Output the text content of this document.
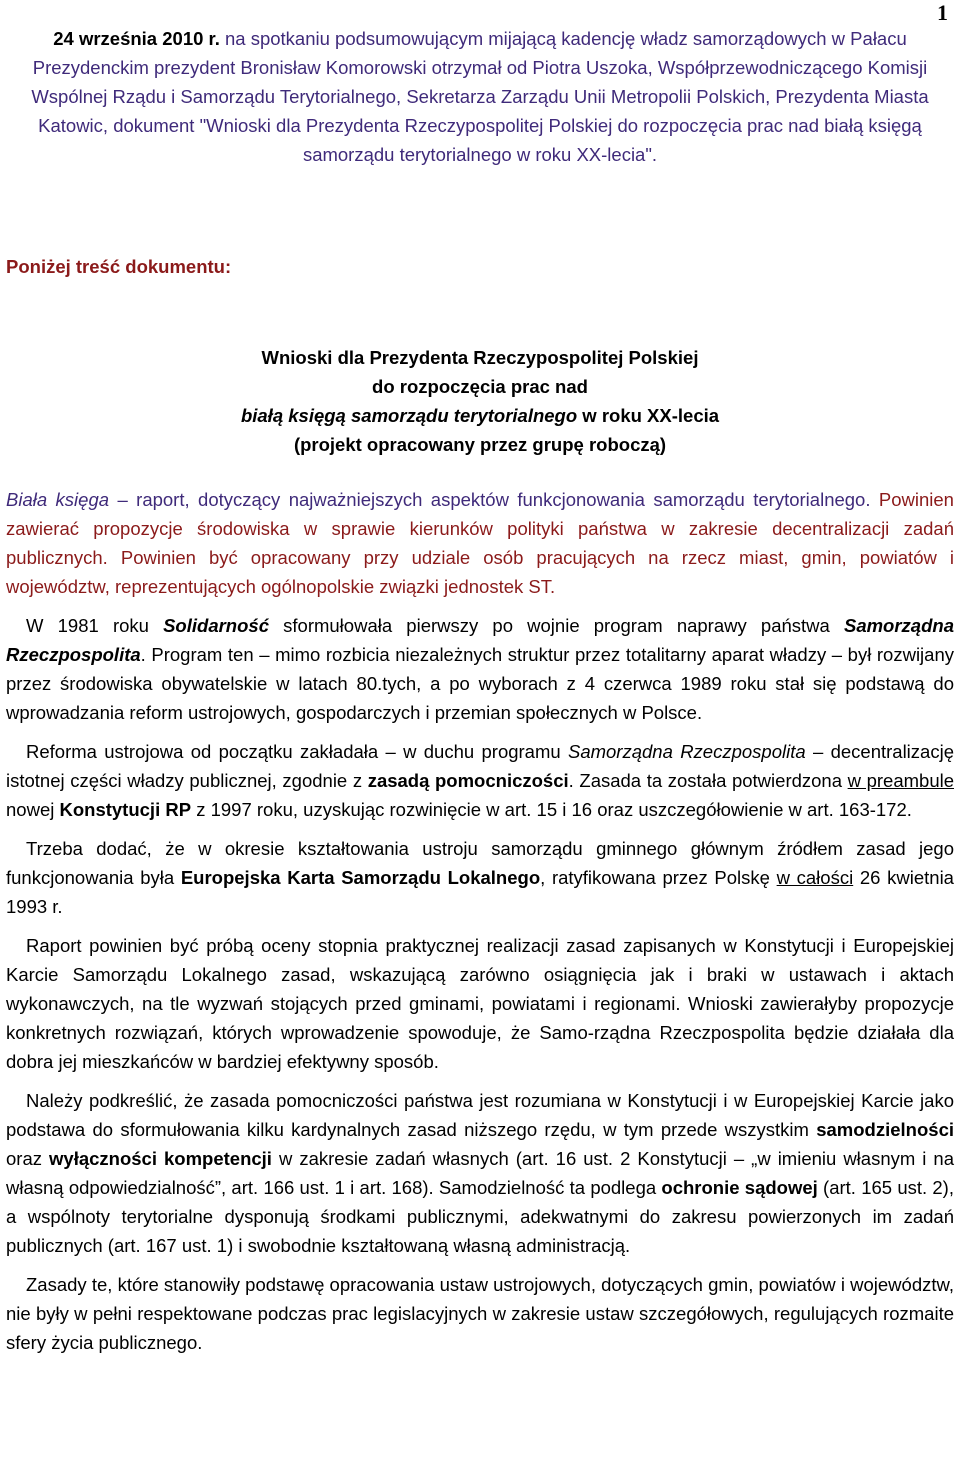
1
24 września 2010 r. na spotkaniu podsumowującym mijającą kadencję władz samorządowych w Pałacu Prezydenckim prezydent Bronisław Komorowski otrzymał od Piotra Uszoka, Współprzewodniczącego Komisji Wspólnej Rządu i Samorządu Terytorialnego, Sekretarza Zarządu Unii Metropolii Polskich, Prezydenta Miasta Katowic, dokument "Wnioski dla Prezydenta Rzeczypospolitej Polskiej do rozpoczęcia prac nad białą księgą samorządu terytorialnego w roku XX-lecia".
Poniżej treść dokumentu:
Wnioski dla Prezydenta Rzeczypospolitej Polskiej
do rozpoczęcia prac nad
białą księgą samorządu terytorialnego w roku XX-lecia
(projekt opracowany przez grupę roboczą)

Biała księga – raport, dotyczący najważniejszych aspektów funkcjonowania samorządu terytorialnego. Powinien zawierać propozycje środowiska w sprawie kierunków polityki państwa w zakresie decentralizacji zadań publicznych. Powinien być opracowany przy udziale osób pracujących na rzecz miast, gmin, powiatów i województw, reprezentujących ogólnopolskie związki jednostek ST.

W 1981 roku Solidarność sformułowała pierwszy po wojnie program naprawy państwa Samorządna Rzeczpospolita. Program ten – mimo rozbicia niezależnych struktur przez totalitarny aparat władzy – był rozwijany przez środowiska obywatelskie w latach 80.tych, a po wyborach z 4 czerwca 1989 roku stał się podstawą do wprowadzania reform ustrojowych, gospodarczych i przemian społecznych w Polsce.

Reforma ustrojowa od początku zakładała – w duchu programu Samorządna Rzeczpospolita – decentralizację istotnej części władzy publicznej, zgodnie z zasadą pomocniczości. Zasada ta została potwierdzona w preambule nowej Konstytucji RP z 1997 roku, uzyskując rozwinięcie w art. 15 i 16 oraz uszczegółowienie w art. 163-172.

Trzeba dodać, że w okresie kształtowania ustroju samorządu gminnego głównym źródłem zasad jego funkcjonowania była Europejska Karta Samorządu Lokalnego, ratyfikowana przez Polskę w całości 26 kwietnia 1993 r.

Raport powinien być próbą oceny stopnia praktycznej realizacji zasad zapisanych w Konstytucji i Europejskiej Karcie Samorządu Lokalnego zasad, wskazującą zarówno osiągnięcia jak i braki w ustawach i aktach wykonawczych, na tle wyzwań stojących przed gminami, powiatami i regionami. Wnioski zawierałyby propozycje konkretnych rozwiązań, których wprowadzenie spowoduje, że Samo-rządna Rzeczpospolita będzie działała dla dobra jej mieszkańców w bardziej efektywny sposób.

Należy podkreślić, że zasada pomocniczości państwa jest rozumiana w Konstytucji i w Europejskiej Karcie jako podstawa do sformułowania kilku kardynalnych zasad niższego rzędu, w tym przede wszystkim samodzielności oraz wyłączności kompetencji w zakresie zadań własnych (art. 16 ust. 2 Konstytucji – „w imieniu własnym i na własną odpowiedzialność”, art. 166 ust. 1 i art. 168). Samodzielność ta podlega ochronie sądowej (art. 165 ust. 2), a wspólnoty terytorialne dysponują środkami publicznymi, adekwatnymi do zakresu powierzonych im zadań publicznych (art. 167 ust. 1) i swobodnie kształtowaną własną administracją.

Zasady te, które stanowiły podstawę opracowania ustaw ustrojowych, dotyczących gmin, powiatów i województw, nie były w pełni respektowane podczas prac legislacyjnych w zakresie ustaw szczegółowych, regulujących rozmaite sfery życia publicznego.
